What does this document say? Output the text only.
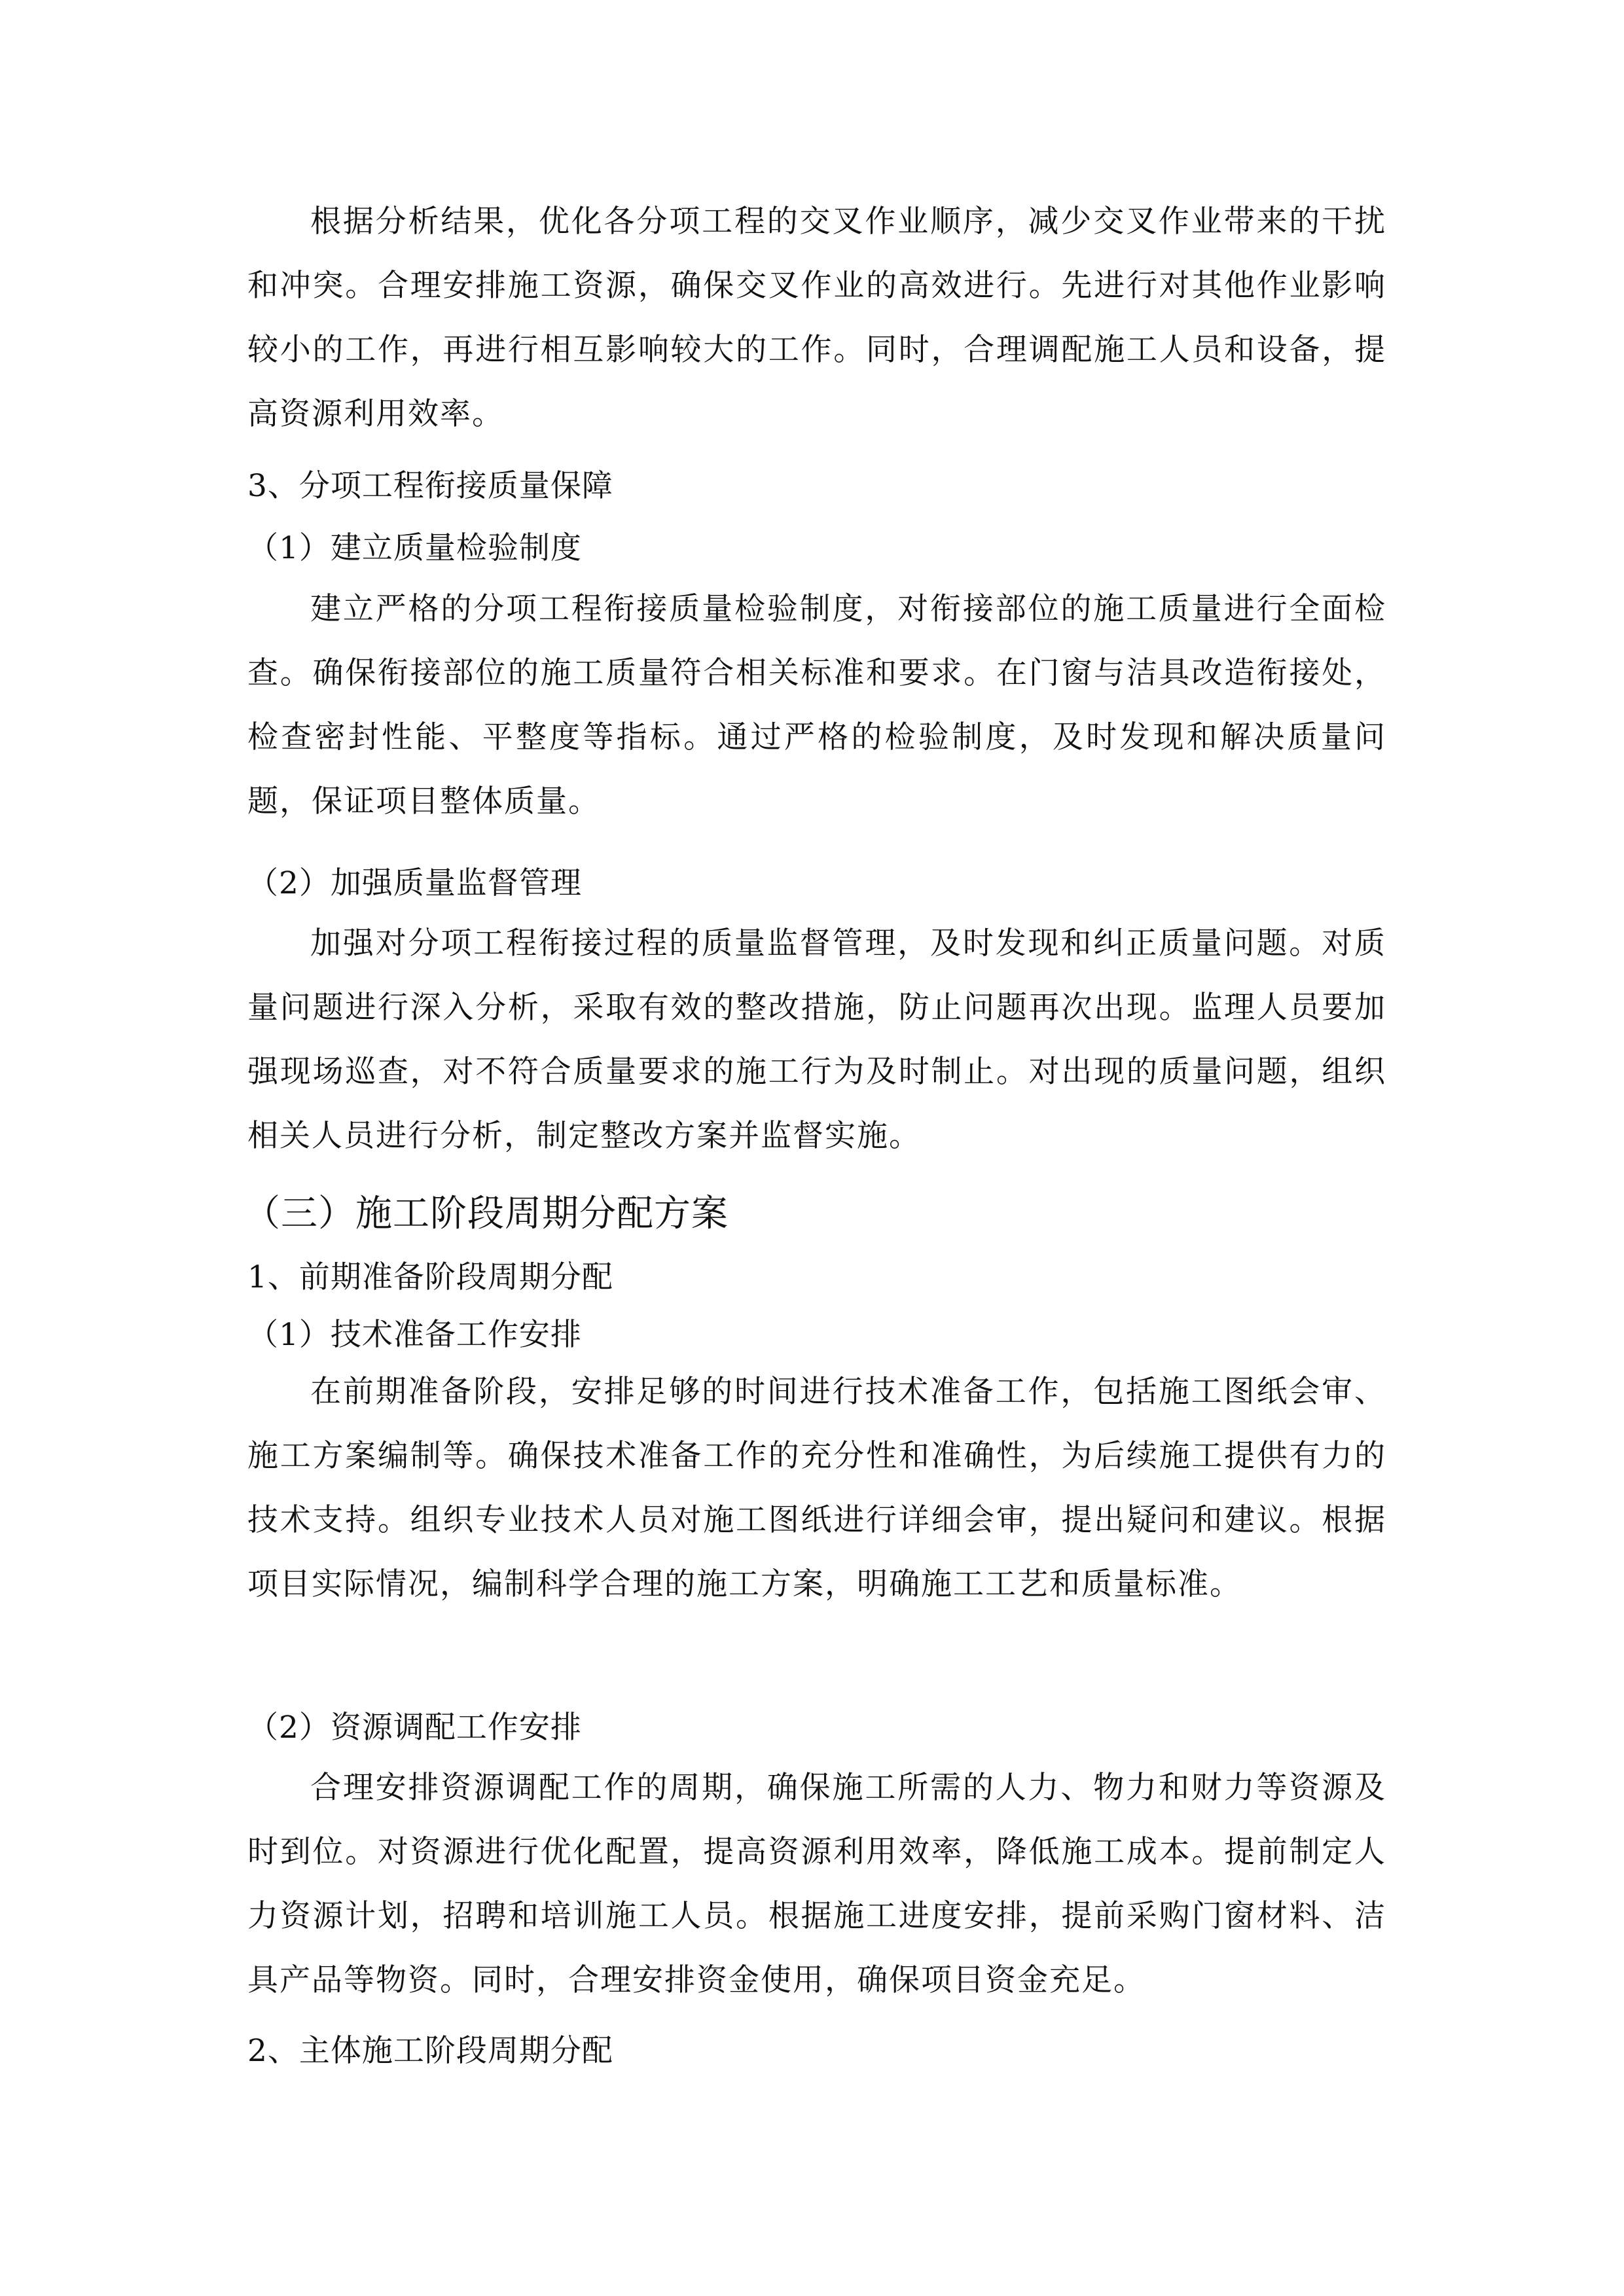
根据分析结果，优化各分项工程的交叉作业顺序，减少交叉作业带来的干扰和冲突。合理安排施工资源，确保交叉作业的高效进行。先进行对其他作业影响较小的工作，再进行相互影响较大的工作。同时，合理调配施工人员和设备，提高资源利用效率。

3、分项工程衔接质量保障
（1）建立质量检验制度

建立严格的分项工程衔接质量检验制度，对衔接部位的施工质量进行全面检查。确保衔接部位的施工质量符合相关标准和要求。在门窗与洁具改造衔接处，检查密封性能、平整度等指标。通过严格的检验制度，及时发现和解决质量问题，保证项目整体质量。

（2）加强质量监督管理

加强对分项工程衔接过程的质量监督管理，及时发现和纠正质量问题。对质量问题进行深入分析，采取有效的整改措施，防止问题再次出现。监理人员要加强现场巡查，对不符合质量要求的施工行为及时制止。对出现的质量问题，组织相关人员进行分析，制定整改方案并监督实施。

（三）施工阶段周期分配方案
1、前期准备阶段周期分配
（1）技术准备工作安排

在前期准备阶段，安排足够的时间进行技术准备工作，包括施工图纸会审、施工方案编制等。确保技术准备工作的充分性和准确性，为后续施工提供有力的技术支持。组织专业技术人员对施工图纸进行详细会审，提出疑问和建议。根据项目实际情况，编制科学合理的施工方案，明确施工工艺和质量标准。

（2）资源调配工作安排

合理安排资源调配工作的周期，确保施工所需的人力、物力和财力等资源及时到位。对资源进行优化配置，提高资源利用效率，降低施工成本。提前制定人力资源计划，招聘和培训施工人员。根据施工进度安排，提前采购门窗材料、洁具产品等物资。同时，合理安排资金使用，确保项目资金充足。

2、主体施工阶段周期分配
